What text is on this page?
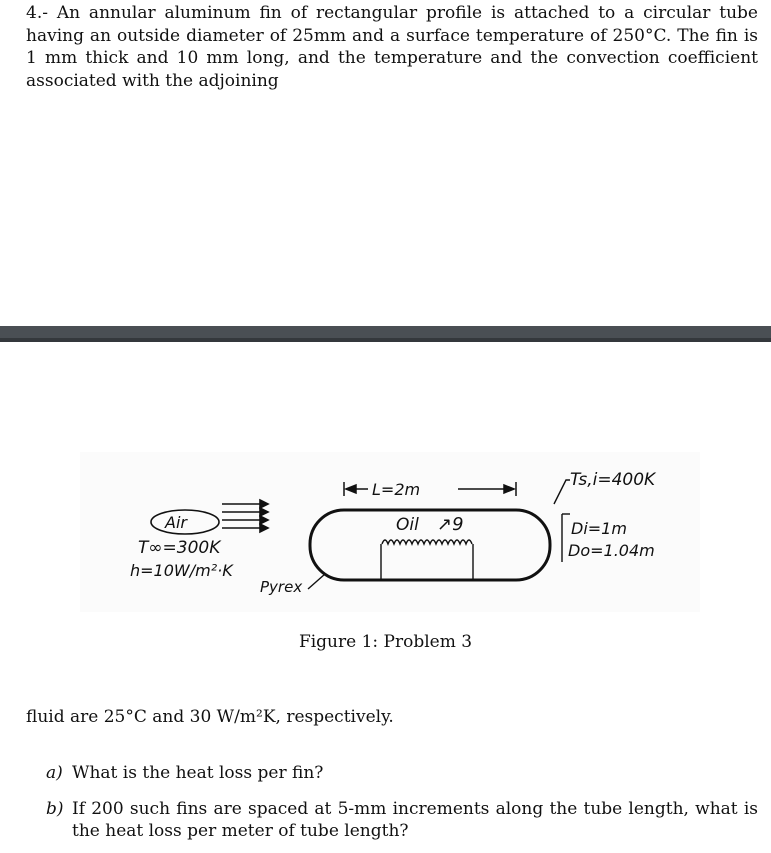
4.- An annular aluminum fin of rectangular profile is attached to a circular tube having an outside diameter of 25mm and a surface temperature of 250°C. The fin is 1 mm thick and 10 mm long, and the temperature and the convection coefficient associated with the adjoining
Air
T∞=300K
h=10W/m²·K
Pyrex
L=2m
Oil ↗9
Ts,i=400K
Di=1m
Do=1.04m
Figure 1: Problem 3
fluid are 25°C and 30 W/m²K, respectively.
a) What is the heat loss per fin?
b) If 200 such fins are spaced at 5-mm increments along the tube length, what is the heat loss per meter of tube length?
